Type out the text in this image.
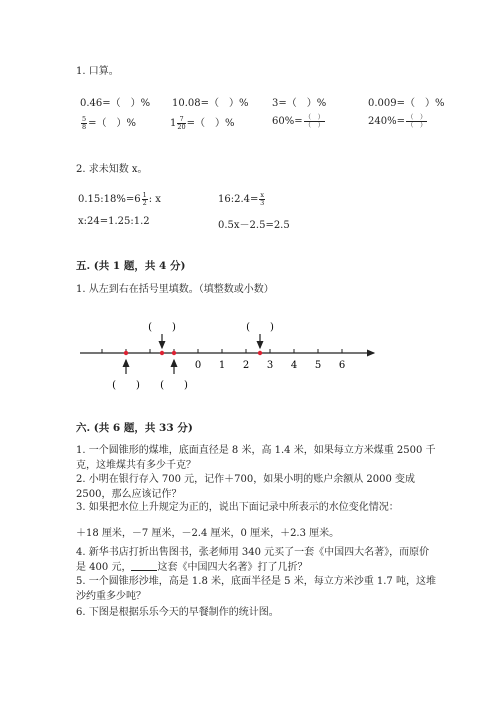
1. 口算。
0.46=（　）% 10.08=（　）% 3=（　）%	0.009=（　）%
$\frac{5}{8}$ =（　）%	$1 \frac{7}{20}$ =（　）%	$60\%= \frac{( )}{( )}$	$240\%= \frac{( )}{( )}$
2. 求未知数 x。
0.15:18%=6 $\frac{1}{2}$ : x	16:2.4= $\frac{x}{3}$
x:24=1.25:1.2	0.5x－2.5=2.5
五. (共 1 题，共 4 分)
1. 从左到右在括号里填数。（填整数或小数）
0 1 2 3 4 5 6
(　　)	(　　)
(　　) (　　)
六. (共 6 题，共 33 分)
1. 一个圆锥形的煤堆，底面直径是 8 米，高 1.4 米，如果每立方米煤重 2500 千克，这堆煤共有多少千克？
2. 小明在银行存入 700 元，记作＋700，如果小明的账户余额从 2000 变成 2500，那么应该记作？
3. 如果把水位上升规定为正的，说出下面记录中所表示的水位变化情况：
＋18 厘米，－7 厘米，－2.4 厘米，0 厘米，＋2.3 厘米。
4. 新华书店打折出售图书，张老师用 340 元买了一套《中国四大名著》，而原价是 400 元，	这套《中国四大名著》打了几折？
5. 一个圆锥形沙堆，高是 1.8 米，底面半径是 5 米，每立方米沙重 1.7 吨，这堆沙约重多少吨？
6. 下图是根据乐乐今天的早餐制作的统计图。
